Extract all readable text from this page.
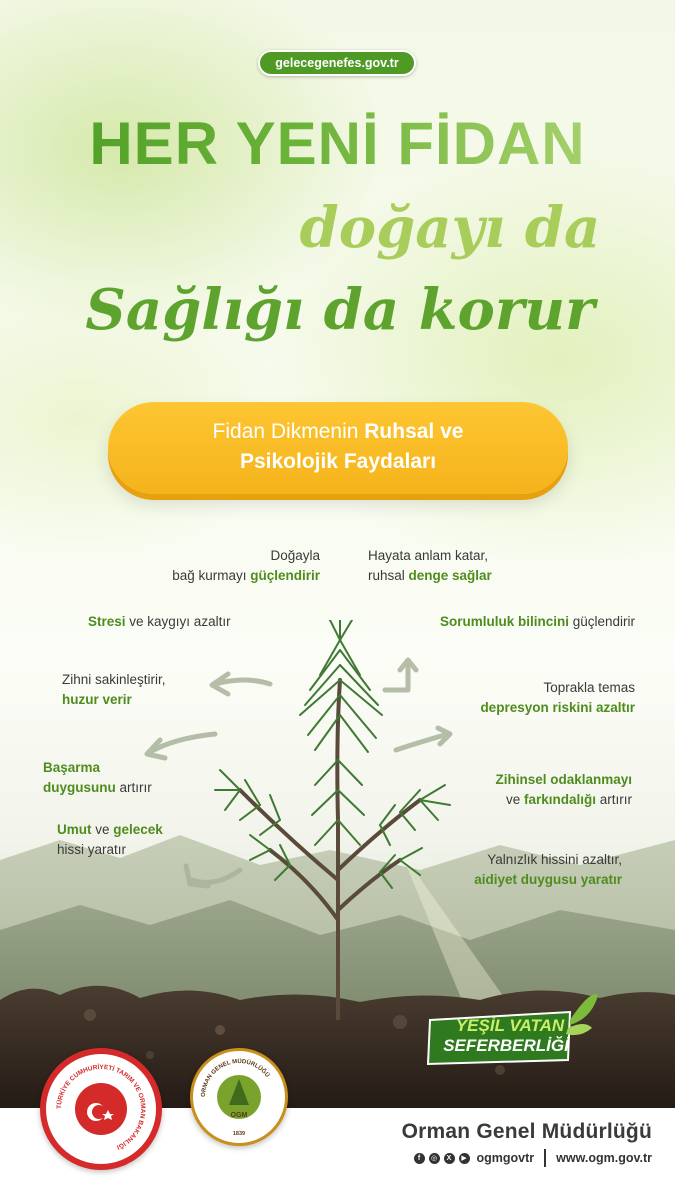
gelecegenefes.gov.tr
HER YENİ FİDAN
doğayı da
Sağlığı da korur
Fidan Dikmenin Ruhsal ve
Psikolojik Faydaları
Doğayla
bağ kurmayı güçlendirir
Stresi ve kaygıyı azaltır
Zihni sakinleştirir,
huzur verir
Başarma
duygusunu artırır
Umut ve gelecek
hissi yaratır
Hayata anlam katar,
ruhsal denge sağlar
Sorumluluk bilincini güçlendirir
Toprakla temas
depresyon riskini azaltır
Zihinsel odaklanmayı
ve farkındalığı artırır
Yalnızlık hissini azaltır,
aidiyet duygusu yaratır
YEŞİL VATAN
SEFERBERLİĞİ
TÜRKİYE CUMHURİYETİ TARIM VE ORMAN BAKANLIĞI
ORMAN GENEL MÜDÜRLÜĞÜ
OGM
1839	Orman Genel Müdürlüğü
f	◎	X	▶ ogmgovtr www.ogm.gov.tr
